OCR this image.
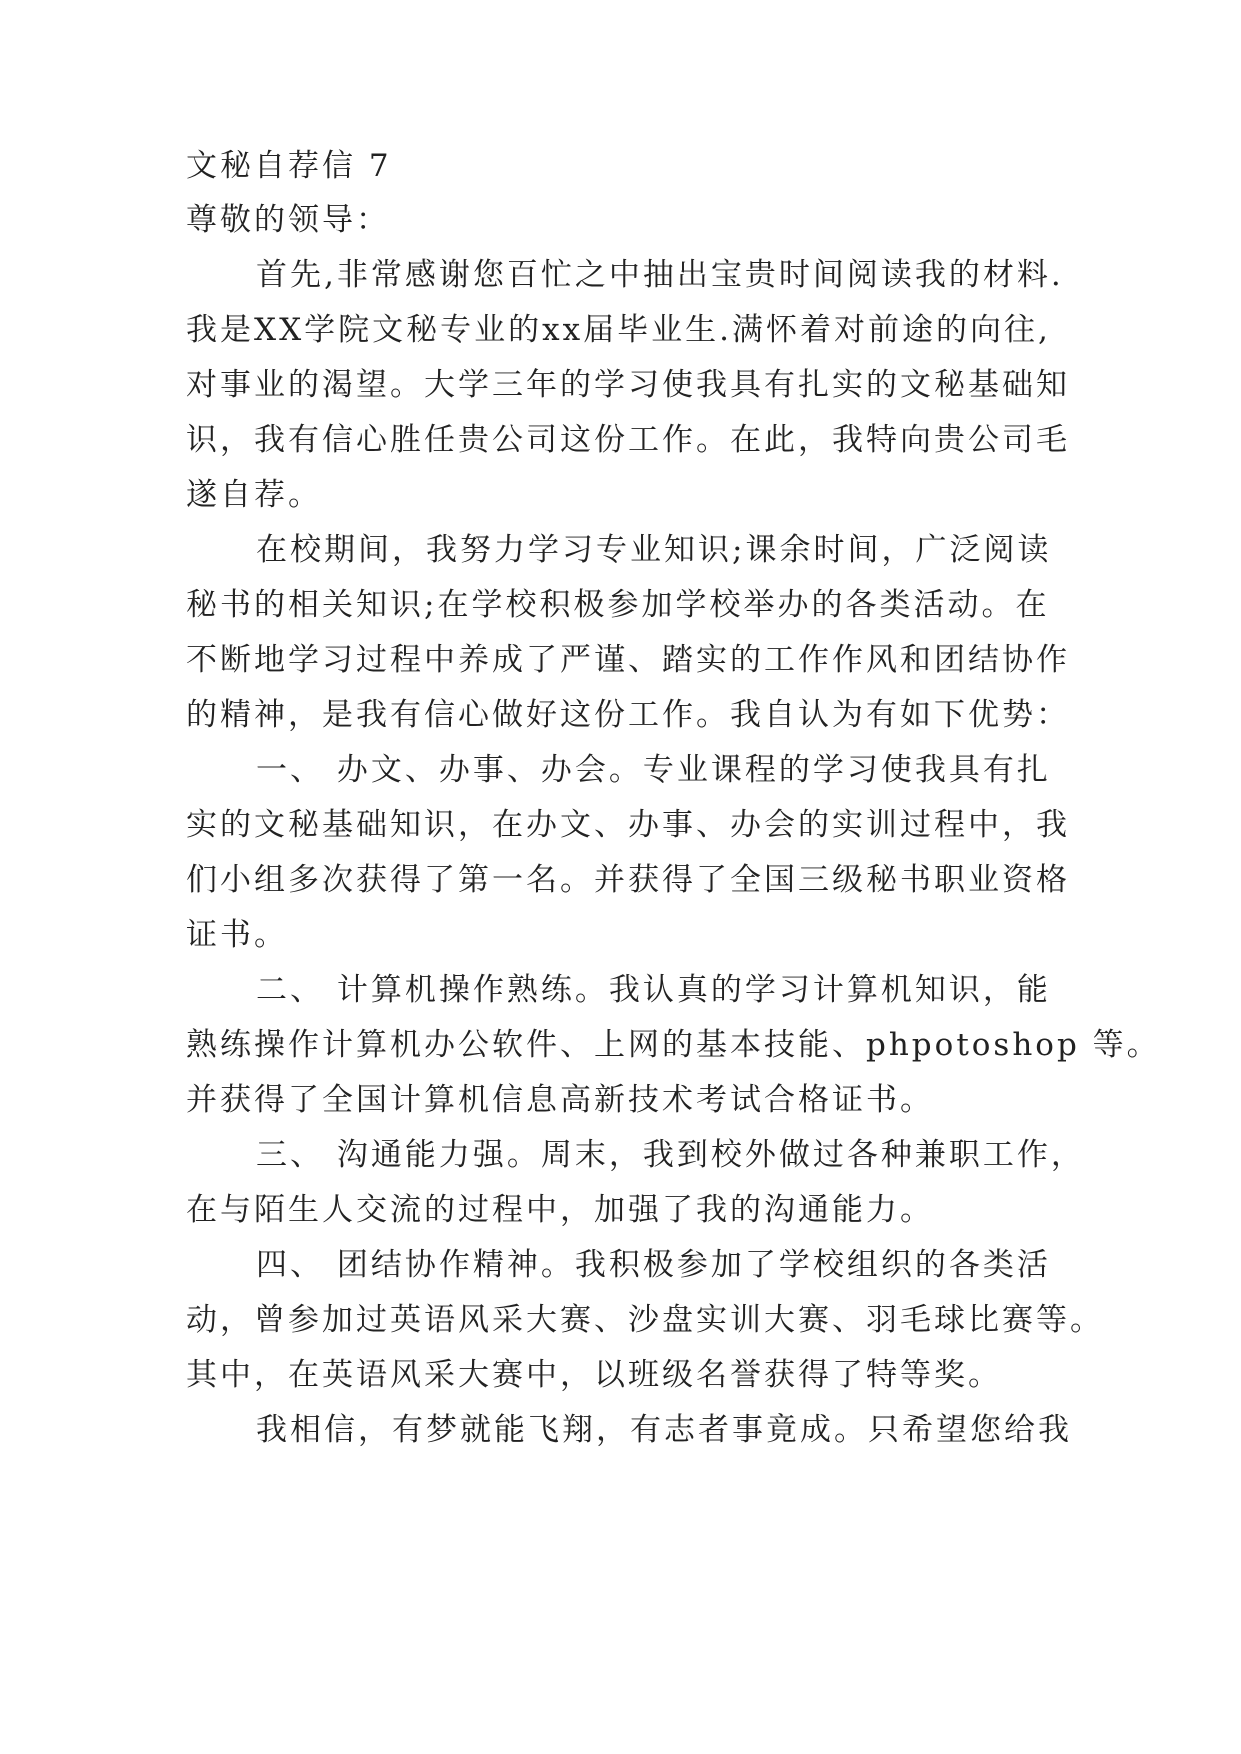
文秘自荐信 7
尊敬的领导：
首先,非常感谢您百忙之中抽出宝贵时间阅读我的材料.
我是XX学院文秘专业的xx届毕业生.满怀着对前途的向往,
对事业的渴望。大学三年的学习使我具有扎实的文秘基础知
识，我有信心胜任贵公司这份工作。在此，我特向贵公司毛
遂自荐。
在校期间，我努力学习专业知识;课余时间，广泛阅读
秘书的相关知识;在学校积极参加学校举办的各类活动。在
不断地学习过程中养成了严谨、踏实的工作作风和团结协作
的精神，是我有信心做好这份工作。我自认为有如下优势：
一、 办文、办事、办会。专业课程的学习使我具有扎
实的文秘基础知识，在办文、办事、办会的实训过程中，我
们小组多次获得了第一名。并获得了全国三级秘书职业资格
证书。
二、 计算机操作熟练。我认真的学习计算机知识，能
熟练操作计算机办公软件、上网的基本技能、phpotoshop 等。
并获得了全国计算机信息高新技术考试合格证书。
三、 沟通能力强。周末，我到校外做过各种兼职工作，
在与陌生人交流的过程中，加强了我的沟通能力。
四、 团结协作精神。我积极参加了学校组织的各类活
动，曾参加过英语风采大赛、沙盘实训大赛、羽毛球比赛等。
其中，在英语风采大赛中，以班级名誉获得了特等奖。
我相信，有梦就能飞翔，有志者事竟成。只希望您给我
